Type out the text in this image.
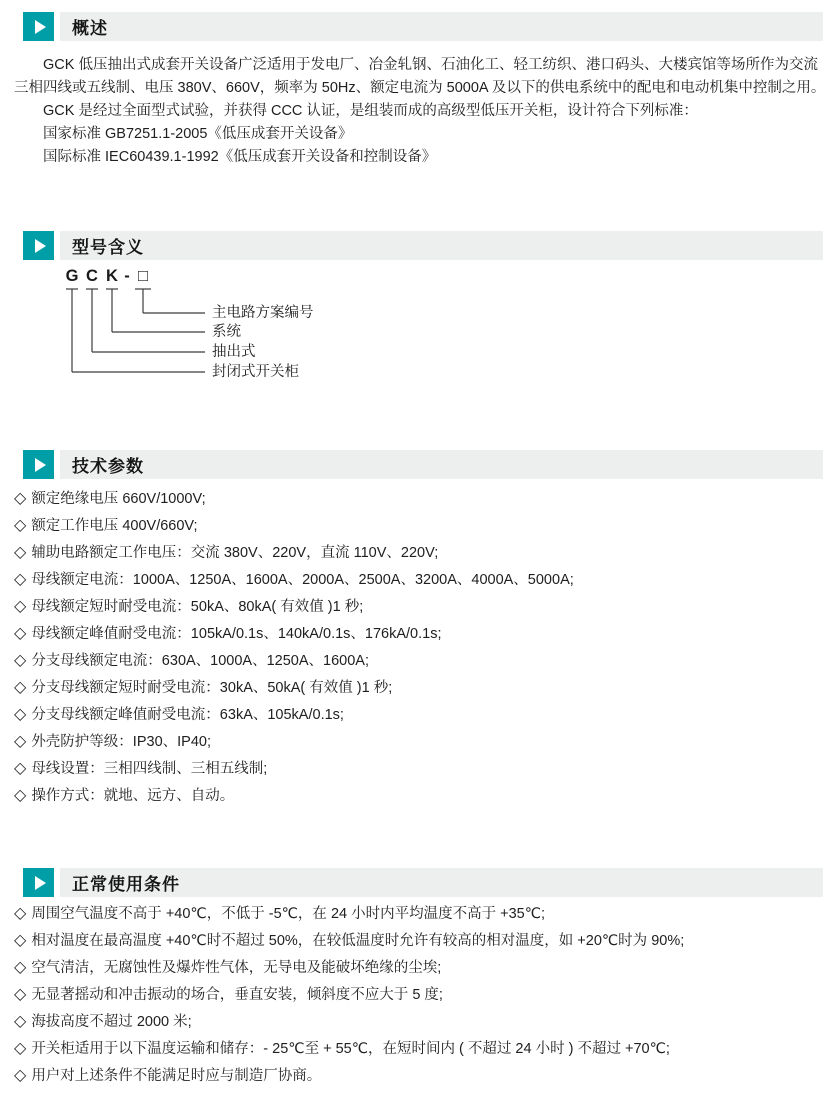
概述

GCK 低压抽出式成套开关设备广泛适用于发电厂、冶金轧钢、石油化工、轻工纺织、港口码头、大楼宾馆等场所作为交流三相四线或五线制、电压 380V、660V，频率为 50Hz、额定电流为 5000A 及以下的供电系统中的配电和电动机集中控制之用。

GCK 是经过全面型式试验，并获得 CCC 认证，是组装而成的高级型低压开关柜，设计符合下列标准：

国家标准 GB7251.1-2005《低压成套开关设备》

国际标准 IEC60439.1-1992《低压成套开关设备和控制设备》

型号含义
G C K - □
主电路方案编号
系统
抽出式
封闭式开关柜
技术参数
◇ 额定绝缘电压 660V/1000V;
◇ 额定工作电压 400V/660V;
◇ 辅助电路额定工作电压：交流 380V、220V，直流 110V、220V;
◇ 母线额定电流：1000A、1250A、1600A、2000A、2500A、3200A、4000A、5000A;
◇ 母线额定短时耐受电流：50kA、80kA( 有效值 )1 秒;
◇ 母线额定峰值耐受电流：105kA/0.1s、140kA/0.1s、176kA/0.1s;
◇ 分支母线额定电流：630A、1000A、1250A、1600A;
◇ 分支母线额定短时耐受电流：30kA、50kA( 有效值 )1 秒;
◇ 分支母线额定峰值耐受电流：63kA、105kA/0.1s;
◇ 外壳防护等级：IP30、IP40;
◇ 母线设置：三相四线制、三相五线制;
◇ 操作方式：就地、远方、自动。
正常使用条件
◇ 周围空气温度不高于 +40℃，不低于 -5℃，在 24 小时内平均温度不高于 +35℃;
◇ 相对温度在最高温度 +40℃时不超过 50%，在较低温度时允许有较高的相对温度，如 +20℃时为 90%;
◇ 空气清洁，无腐蚀性及爆炸性气体，无导电及能破坏绝缘的尘埃;
◇ 无显著摇动和冲击振动的场合，垂直安装，倾斜度不应大于 5 度;
◇ 海拔高度不超过 2000 米;
◇ 开关柜适用于以下温度运输和储存：- 25℃至 + 55℃，在短时间内 ( 不超过 24 小时 ) 不超过 +70℃;
◇ 用户对上述条件不能满足时应与制造厂协商。
